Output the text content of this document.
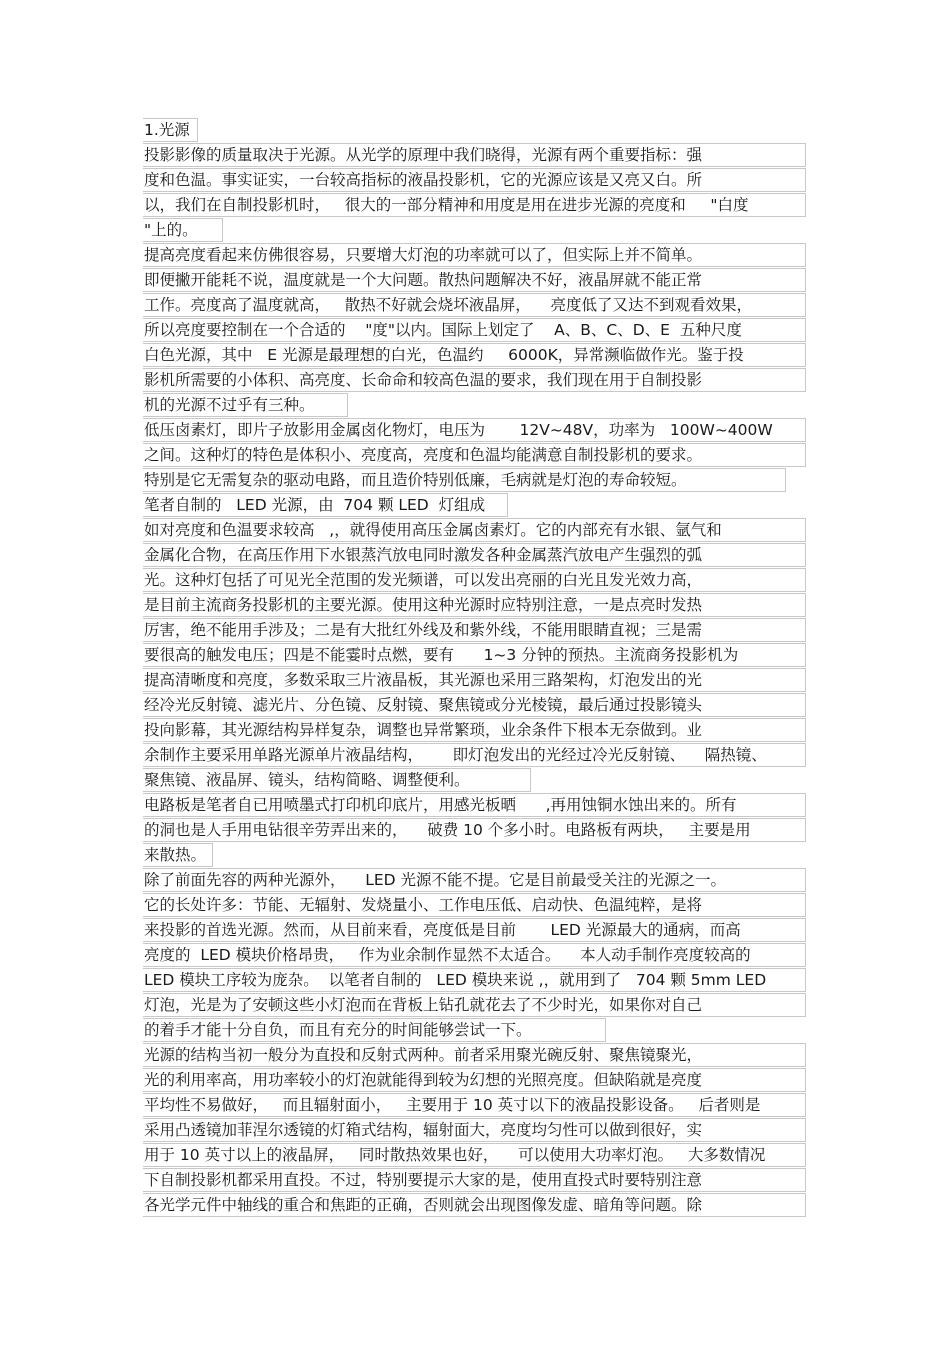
1.光源
投影影像的质量取决于光源。从光学的原理中我们晓得，光源有两个重要指标：强
度和色温。事实证实，一台较高指标的液晶投影机，它的光源应该是又亮又白。所
以，我们在自制投影机时，   很大的一部分精神和用度是用在进步光源的亮度和     "白度
"上的。
提高亮度看起来仿佛很容易，只要增大灯泡的功率就可以了，但实际上并不简单。
即便撇开能耗不说，温度就是一个大问题。散热问题解决不好，液晶屏就不能正常
工作。亮度高了温度就高，   散热不好就会烧坏液晶屏，    亮度低了又达不到观看效果，
所以亮度要控制在一个合适的    "度"以内。国际上划定了    A、B、C、D、E  五种尺度
白色光源，其中   E 光源是最理想的白光，色温约     6000K，异常濒临做作光。鉴于投
影机所需要的小体积、高亮度、长命命和较高色温的要求，我们现在用于自制投影
机的光源不过乎有三种。
低压卤素灯，即片子放影用金属卤化物灯，电压为       12V~48V，功率为   100W~400W
之间。这种灯的特色是体积小、亮度高，亮度和色温均能满意自制投影机的要求。
特别是它无需复杂的驱动电路，而且造价特别低廉，毛病就是灯泡的寿命较短。
笔者自制的   LED 光源，由  704 颗 LED  灯组成
如对亮度和色温要求较高   ,，就得使用高压金属卤素灯。它的内部充有水银、氩气和
金属化合物，在高压作用下水银蒸汽放电同时激发各种金属蒸汽放电产生强烈的弧
光。这种灯包括了可见光全范围的发光频谱，可以发出亮丽的白光且发光效力高，
是目前主流商务投影机的主要光源。使用这种光源时应特别注意，一是点亮时发热
厉害，绝不能用手涉及；二是有大批红外线及和紫外线，不能用眼睛直视；三是需
要很高的触发电压；四是不能霎时点燃，要有      1~3 分钟的预热。主流商务投影机为
提高清晰度和亮度，多数采取三片液晶板，其光源也采用三路架构，灯泡发出的光
经冷光反射镜、滤光片、分色镜、反射镜、聚焦镜或分光棱镜，最后通过投影镜头
投向影幕，其光源结构异样复杂，调整也异常繁琐，业余条件下根本无奈做到。业
余制作主要采用单路光源单片液晶结构，      即灯泡发出的光经过冷光反射镜、    隔热镜、
聚焦镜、液晶屏、镜头，结构简略、调整便利。
电路板是笔者自已用喷墨式打印机印底片，用感光板晒      ,再用蚀铜水蚀出来的。所有
的洞也是人手用电钻很辛劳弄出来的，    破费 10 个多小时。电路板有两块，   主要是用
来散热。
除了前面先容的两种光源外，    LED 光源不能不提。它是目前最受关注的光源之一。
它的长处许多：节能、无辐射、发烧量小、工作电压低、启动快、色温纯粹，是将
来投影的首选光源。然而，从目前来看，亮度低是目前       LED 光源最大的通病，而高
亮度的  LED 模块价格昂贵，   作为业余制作显然不太适合。    本人动手制作亮度较高的
LED 模块工序较为庞杂。  以笔者自制的   LED 模块来说 ,，就用到了   704 颗 5mm LED
灯泡，光是为了安顿这些小灯泡而在背板上钻孔就花去了不少时光，如果你对自己
的着手才能十分自负，而且有充分的时间能够尝试一下。
光源的结构当初一般分为直投和反射式两种。前者采用聚光碗反射、聚焦镜聚光，
光的利用率高，用功率较小的灯泡就能得到较为幻想的光照亮度。但缺陷就是亮度
平均性不易做好，   而且辐射面小，   主要用于 10 英寸以下的液晶投影设备。   后者则是
采用凸透镜加菲涅尔透镜的灯箱式结构，辐射面大，亮度均匀性可以做到很好，实
用于 10 英寸以上的液晶屏，   同时散热效果也好，    可以使用大功率灯泡。   大多数情况
下自制投影机都采用直投。不过，特别要提示大家的是，使用直投式时要特别注意
各光学元件中轴线的重合和焦距的正确，否则就会出现图像发虚、暗角等问题。除
